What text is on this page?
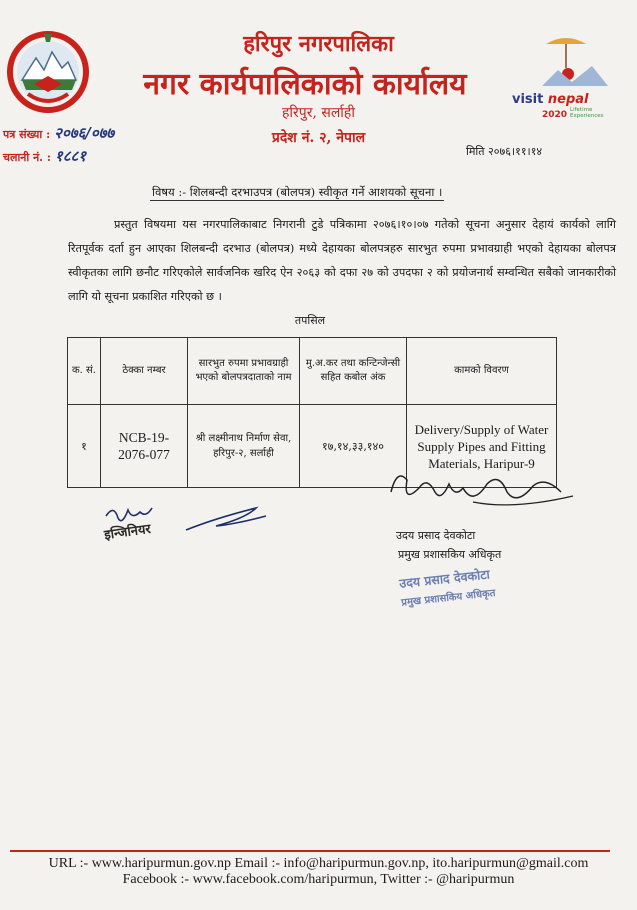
visit nepal
2020 Lifetime
Experiences
हरिपुर नगरपालिका
नगर कार्यपालिकाको कार्यालय
हरिपुर, सर्लाही
प्रदेश नं. २, नेपाल
पत्र संख्या : २०७६/०७७
चलानी नं. : १८८१	मिति २०७६।११।१४
विषय :- शिलबन्दी दरभाउपत्र (बोलपत्र) स्वीकृत गर्ने आशयको सूचना ।
प्रस्तुत विषयमा यस नगरपालिकाबाट निगरानी टुडे पत्रिकामा २०७६।१०।०७ गतेको सूचना अनुसार देहायं कार्यको लागि रितपूर्वक दर्ता हुन आएका शिलबन्दी दरभाउ (बोलपत्र) मध्ये देहायका बोलपत्रहरु सारभुत रुपमा प्रभावग्राही भएको देहायका बोलपत्र स्वीकृतका लागि छनौट गरिएकोले सार्वजनिक खरिद ऐन २०६३ को दफा २७ को उपदफा २ को प्रयोजनार्थ सम्वन्धित सबैको जानकारीको लागि यो सूचना प्रकाशित गरिएको छ ।
तपसिल
क. सं.	ठेक्का नम्बर	सारभुत रुपमा प्रभावग्राही भएको बोलपत्रदाताको नाम	मु.अ.कर तथा कन्टिन्जेन्सी सहित कबोल अंक	कामको विवरण
१	NCB-19-2076-077	श्री लक्ष्मीनाथ निर्माण सेवा, हरिपुर-२, सर्लाही	१७,१४,३३,१४०	Delivery/Supply of Water Supply Pipes and Fitting Materials, Haripur-9
इन्जिनियर	उदय प्रसाद देवकोटा
प्रमुख प्रशासकिय अधिकृत
उदय प्रसाद देवकोटा
प्रमुख प्रशासकिय अधिकृत
URL :- www.haripurmun.gov.np Email :- info@haripurmun.gov.np, ito.haripurmun@gmail.com
Facebook :- www.facebook.com/haripurmun, Twitter :- @haripurmun
